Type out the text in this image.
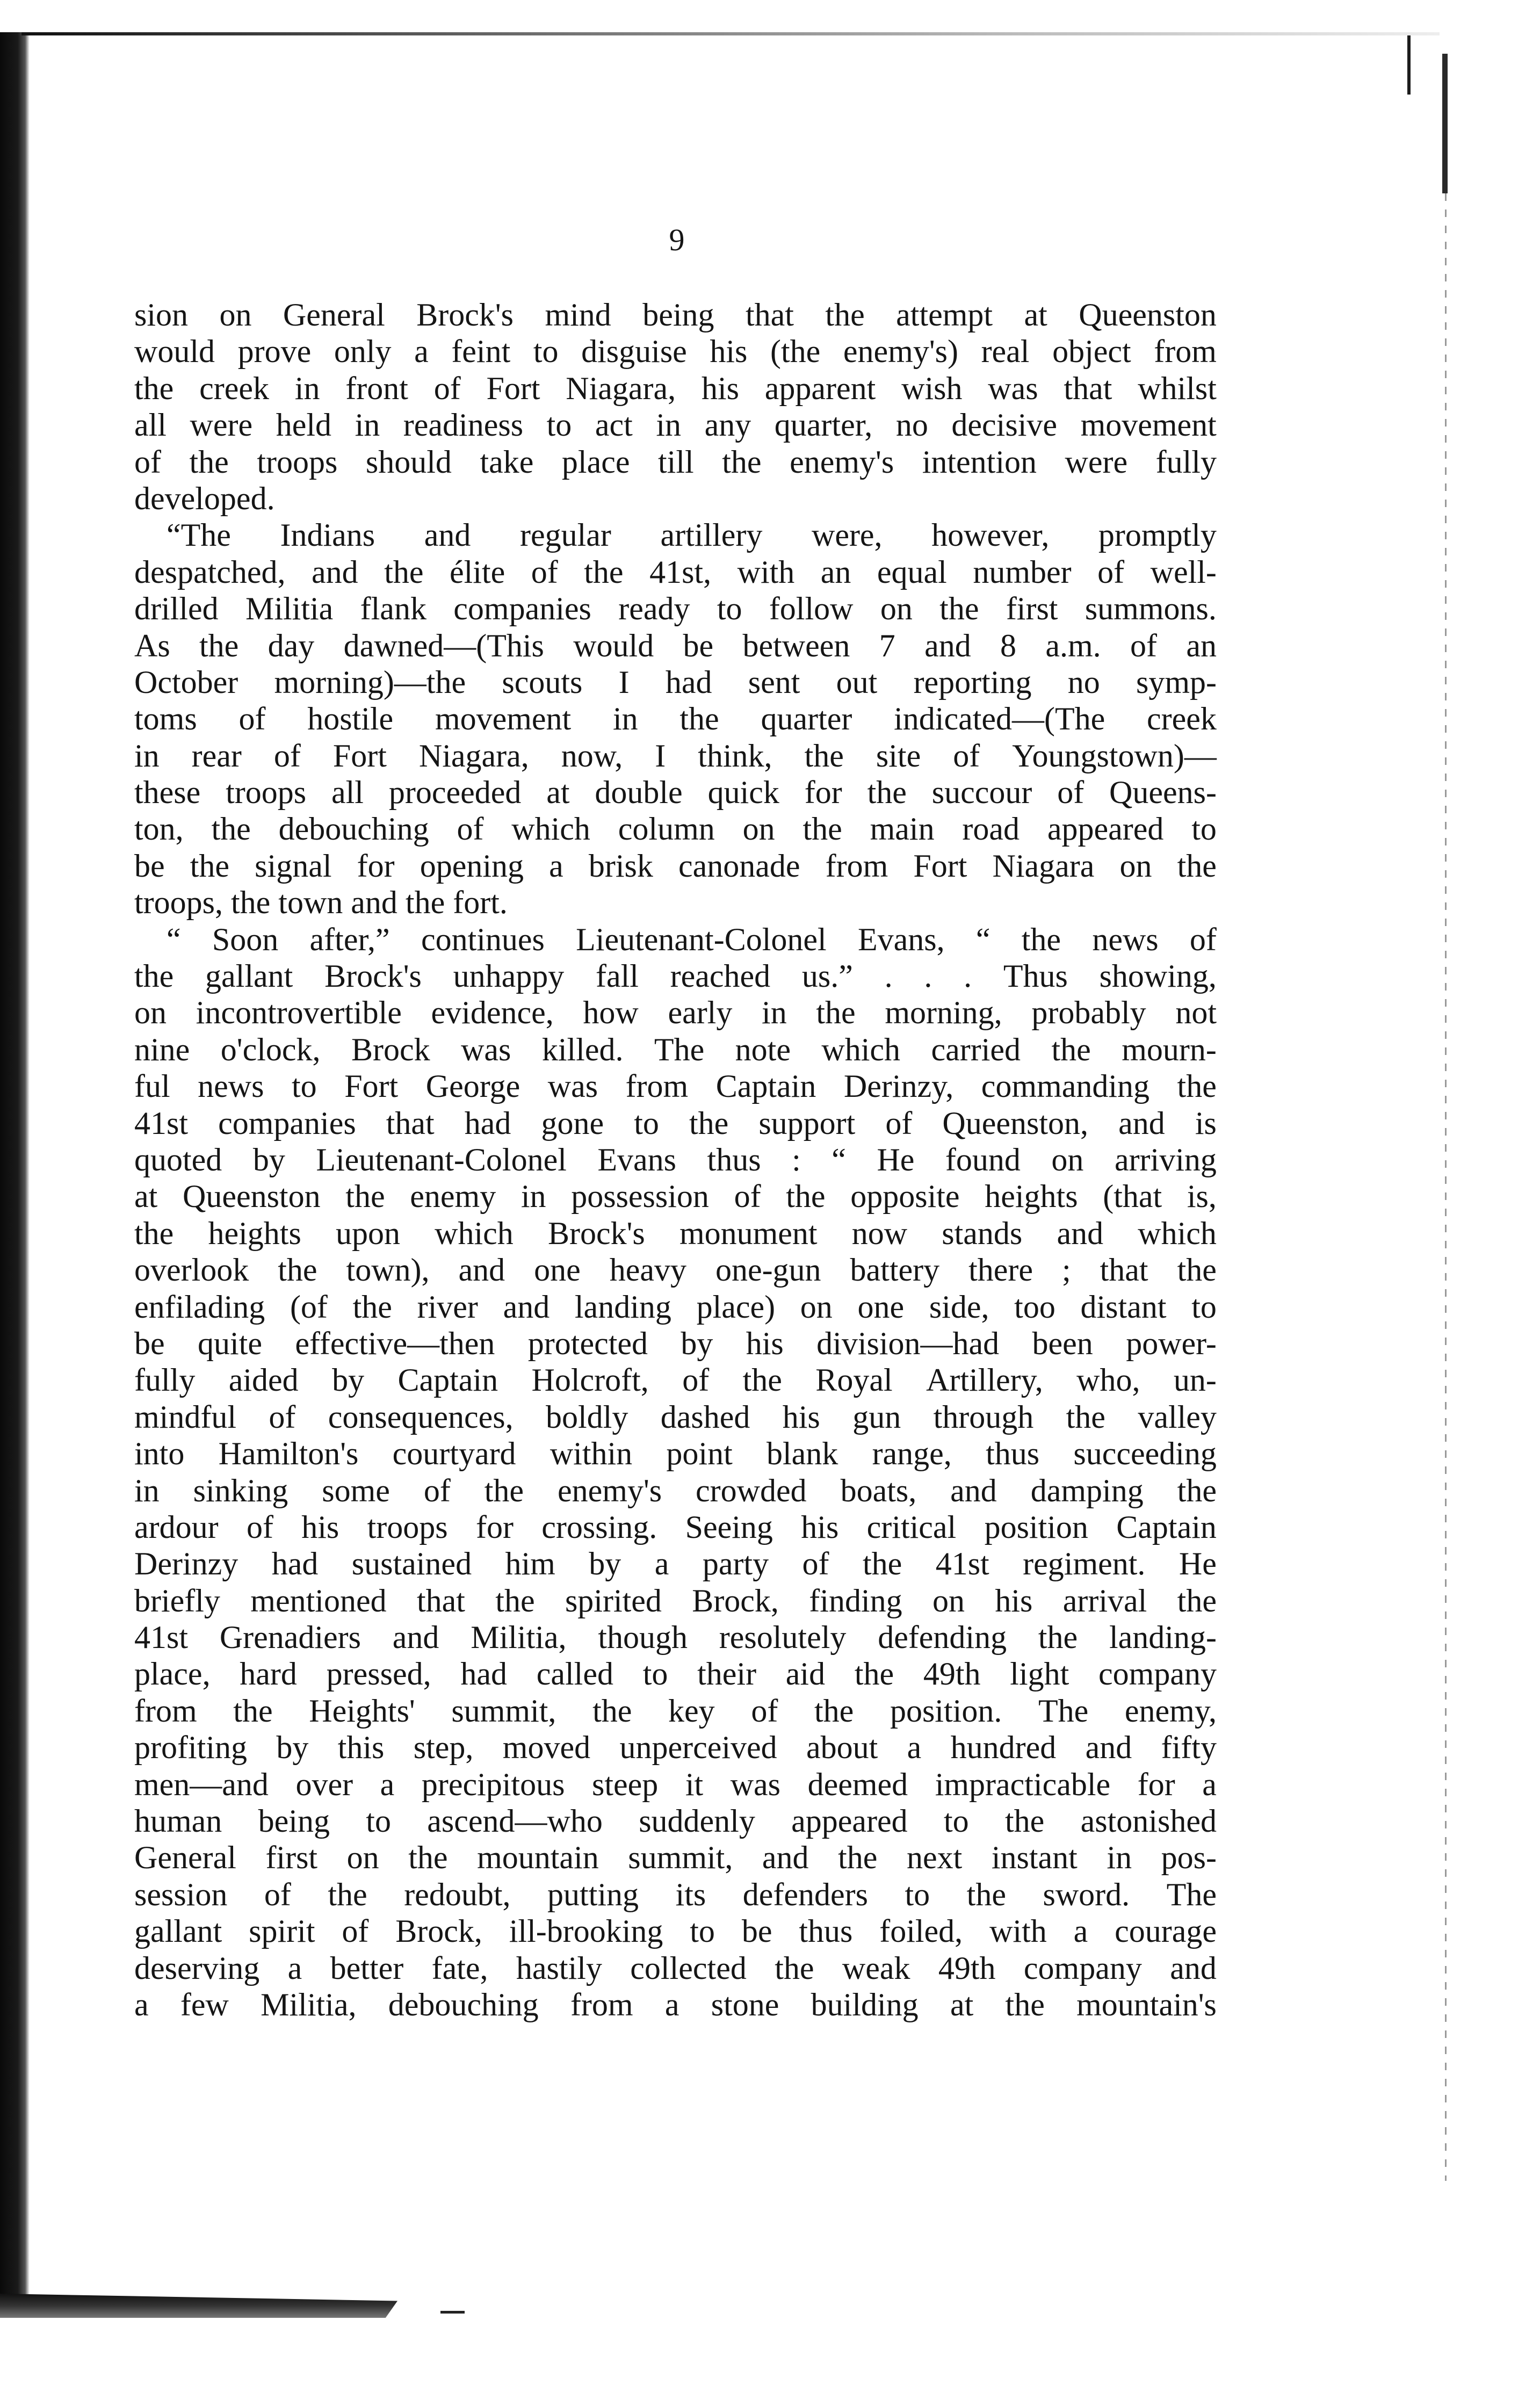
9
sion on General Brock's mind being that the attempt at Queenston
would prove only a feint to disguise his (the enemy's) real object from
the creek in front of Fort Niagara, his apparent wish was that whilst
all were held in readiness to act in any quarter, no decisive movement
of the troops should take place till the enemy's intention were fully
developed.
“The Indians and regular artillery were, however, promptly
despatched, and the élite of the 41st, with an equal number of well-
drilled Militia flank companies ready to follow on the first summons.
As the day dawned—(This would be between 7 and 8 a.m. of an
October morning)—the scouts I had sent out reporting no symp-
toms of hostile movement in the quarter indicated—(The creek
in rear of Fort Niagara, now, I think, the site of Youngstown)—
these troops all proceeded at double quick for the succour of Queens-
ton, the debouching of which column on the main road appeared to
be the signal for opening a brisk canonade from Fort Niagara on the
troops, the town and the fort.
“ Soon after,” continues Lieutenant-Colonel Evans, “ the news of
the gallant Brock's unhappy fall reached us.” . . . Thus showing,
on incontrovertible evidence, how early in the morning, probably not
nine o'clock, Brock was killed. The note which carried the mourn-
ful news to Fort George was from Captain Derinzy, commanding the
41st companies that had gone to the support of Queenston, and is
quoted by Lieutenant-Colonel Evans thus : “ He found on arriving
at Queenston the enemy in possession of the opposite heights (that is,
the heights upon which Brock's monument now stands and which
overlook the town), and one heavy one-gun battery there ; that the
enfilading (of the river and landing place) on one side, too distant to
be quite effective—then protected by his division—had been power-
fully aided by Captain Holcroft, of the Royal Artillery, who, un-
mindful of consequences, boldly dashed his gun through the valley
into Hamilton's courtyard within point blank range, thus succeeding
in sinking some of the enemy's crowded boats, and damping the
ardour of his troops for crossing. Seeing his critical position Captain
Derinzy had sustained him by a party of the 41st regiment. He
briefly mentioned that the spirited Brock, finding on his arrival the
41st Grenadiers and Militia, though resolutely defending the landing-
place, hard pressed, had called to their aid the 49th light company
from the Heights' summit, the key of the position. The enemy,
profiting by this step, moved unperceived about a hundred and fifty
men—and over a precipitous steep it was deemed impracticable for a
human being to ascend—who suddenly appeared to the astonished
General first on the mountain summit, and the next instant in pos-
session of the redoubt, putting its defenders to the sword. The
gallant spirit of Brock, ill-brooking to be thus foiled, with a courage
deserving a better fate, hastily collected the weak 49th company and
a few Militia, debouching from a stone building at the mountain's
